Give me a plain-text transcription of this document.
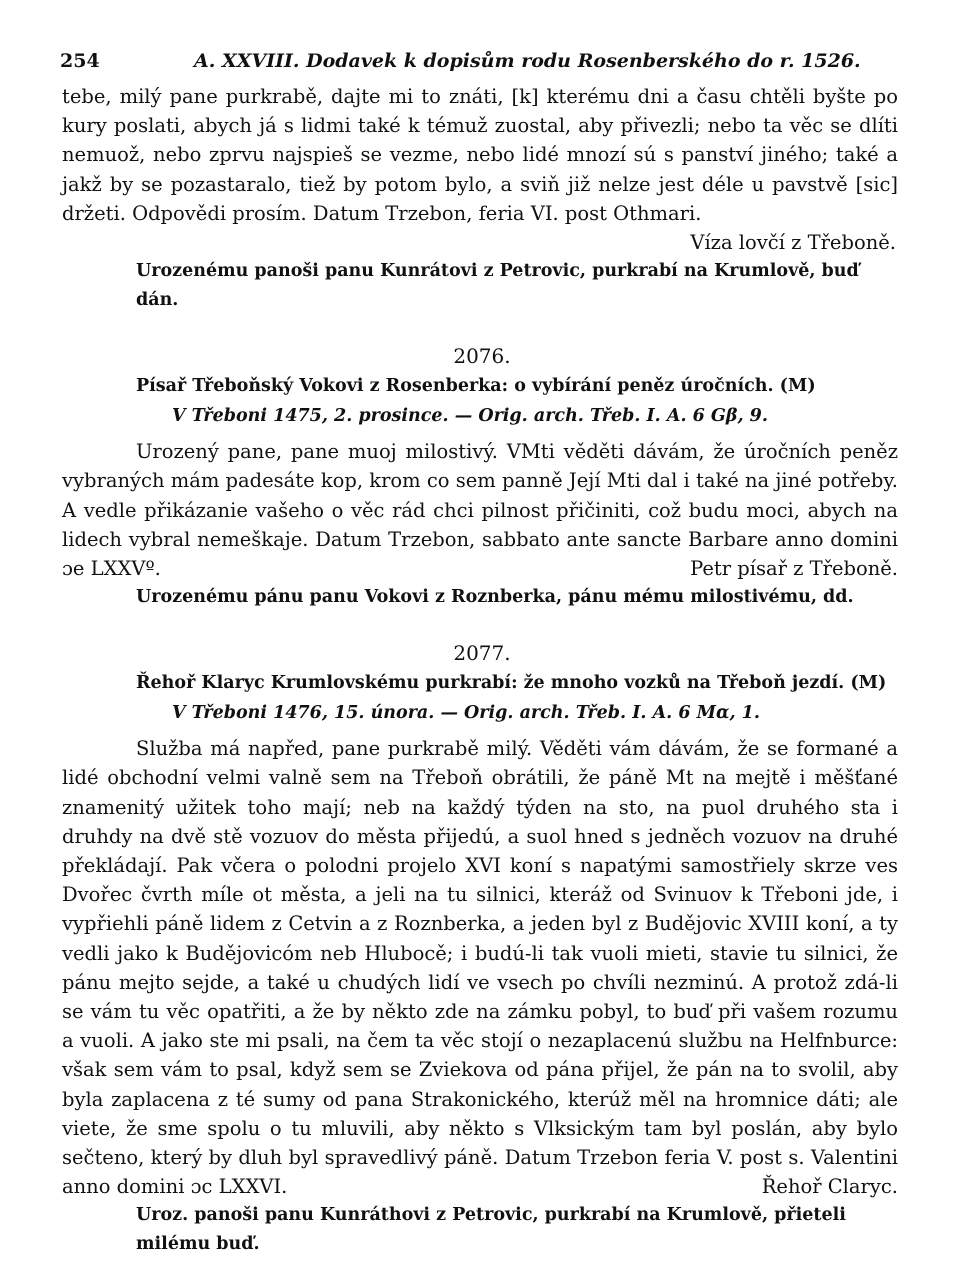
254	A. XXVIII. Dodavek k dopisům rodu Rosenberského do r. 1526.

tebe, milý pane purkrabě, dajte mi to znáti, [k] kterému dni a času chtěli byšte po kury poslati, abych já s lidmi také k témuž zuostal, aby přivezli; nebo ta věc se dlíti nemuož, nebo zprvu najspieš se vezme, nebo lidé mnozí sú s panství jiného; také a jakž by se pozastaralo, tiež by potom bylo, a sviň již nelze jest déle u pavstvě [sic] držeti. Odpovědi prosím. Datum Trzebon, feria VI. post Othmari.

Víza lovčí z Třeboně.

Urozenému panoši panu Kunrátovi z Petrovic, purkrabí na Krumlově, buď dán.

2076.

Písař Třeboňský Vokovi z Rosenberka: o vybírání peněz úročních. (M)

V Třeboni 1475, 2. prosince. — Orig. arch. Třeb. I. A. 6 Gβ, 9.

Urozený pane, pane muoj milostivý. VMti věděti dávám, že úročních peněz vybraných mám padesáte kop, krom co sem panně Její Mti dal i také na jiné potřeby. A vedle přikázanie vašeho o věc rád chci pilnost přičiniti, což budu moci, abych na lidech vybral nemeškaje. Datum Trzebon, sabbato ante sancte Barbare anno domini ɔe LXXVº.	Petr písař z Třeboně.

Urozenému pánu panu Vokovi z Roznberka, pánu mému milostivému, dd.

2077.

Řehoř Klaryc Krumlovskému purkrabí: že mnoho vozků na Třeboň jezdí. (M)

V Třeboni 1476, 15. února. — Orig. arch. Třeb. I. A. 6 Mα, 1.

Služba má napřed, pane purkrabě milý. Věděti vám dávám, že se formané a lidé obchodní velmi valně sem na Třeboň obrátili, že páně Mt na mejtě i měšťané znamenitý užitek toho mají; neb na každý týden na sto, na puol druhého sta i druhdy na dvě stě vozuov do města přijedú, a suol hned s jedněch vozuov na druhé překládají. Pak včera o polodni projelo XVI koní s napatými samostřiely skrze ves Dvořec čvrth míle ot města, a jeli na tu silnici, kteráž od Svinuov k Třeboni jde, i vypřiehli páně lidem z Cetvin a z Roznberka, a jeden byl z Budějovic XVIII koní, a ty vedli jako k Budějovicóm neb Hlubocě; i budú-li tak vuoli mieti, stavie tu silnici, že pánu mejto sejde, a také u chudých lidí ve vsech po chvíli nezminú. A protož zdá-li se vám tu věc opatřiti, a že by někto zde na zámku pobyl, to buď při vašem rozumu a vuoli. A jako ste mi psali, na čem ta věc stojí o nezaplacenú službu na Helfnburce: však sem vám to psal, když sem se Zviekova od pána přijel, že pán na to svolil, aby byla zaplacena z té sumy od pana Strakonického, kterúž měl na hromnice dáti; ale viete, že sme spolu o tu mluvili, aby někto s Vlksickým tam byl poslán, aby bylo sečteno, který by dluh byl spravedlivý páně. Datum Trzebon feria V. post s. Valentini anno domini ɔc LXXVI.	Řehoř Claryc.

Uroz. panoši panu Kunráthovi z Petrovic, purkrabí na Krumlově, přieteli milému buď.
